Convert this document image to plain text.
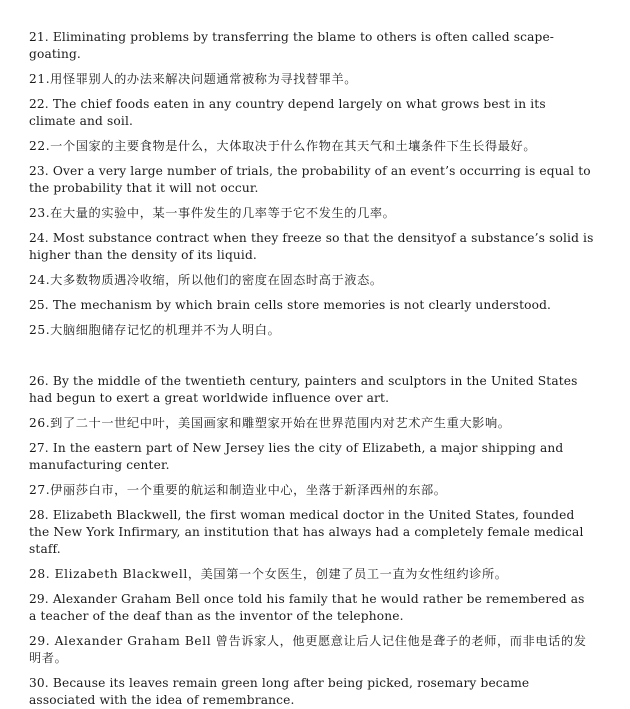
21. Eliminating problems by transferring the blame to others is often called scape-goating.
21.用怪罪别人的办法来解决问题通常被称为寻找替罪羊。
22. The chief foods eaten in any country depend largely on what grows best in its climate and soil.
22.一个国家的主要食物是什么，大体取决于什么作物在其天气和土壤条件下生长得最好。
23. Over a very large number of trials, the probability of an event’s occurring is equal to the probability that it will not occur.
23.在大量的实验中，某一事件发生的几率等于它不发生的几率。
24. Most substance contract when they freeze so that the densityof a substance’s solid is higher than the density of its liquid.
24.大多数物质遇冷收缩，所以他们的密度在固态时高于液态。
25. The mechanism by which brain cells store memories is not clearly understood.
25.大脑细胞储存记忆的机理并不为人明白。
26. By the middle of the twentieth century, painters and sculptors in the United States had begun to exert a great worldwide influence over art.
26.到了二十一世纪中叶，美国画家和雕塑家开始在世界范围内对艺术产生重大影响。
27. In the eastern part of New Jersey lies the city of Elizabeth, a major shipping and manufacturing center.
27.伊丽莎白市，一个重要的航运和制造业中心，坐落于新泽西州的东部。
28. Elizabeth Blackwell, the first woman medical doctor in the United States, founded the New York Infirmary, an institution that has always had a completely female medical staff.
28. Elizabeth Blackwell，美国第一个女医生，创建了员工一直为女性纽约诊所。
29. Alexander Graham Bell once told his family that he would rather be remembered as a teacher of the deaf than as the inventor of the telephone.
29. Alexander Graham Bell 曾告诉家人，他更愿意让后人记住他是聋子的老师，而非电话的发明者。
30. Because its leaves remain green long after being picked, rosemary became associated with the idea of remembrance.
